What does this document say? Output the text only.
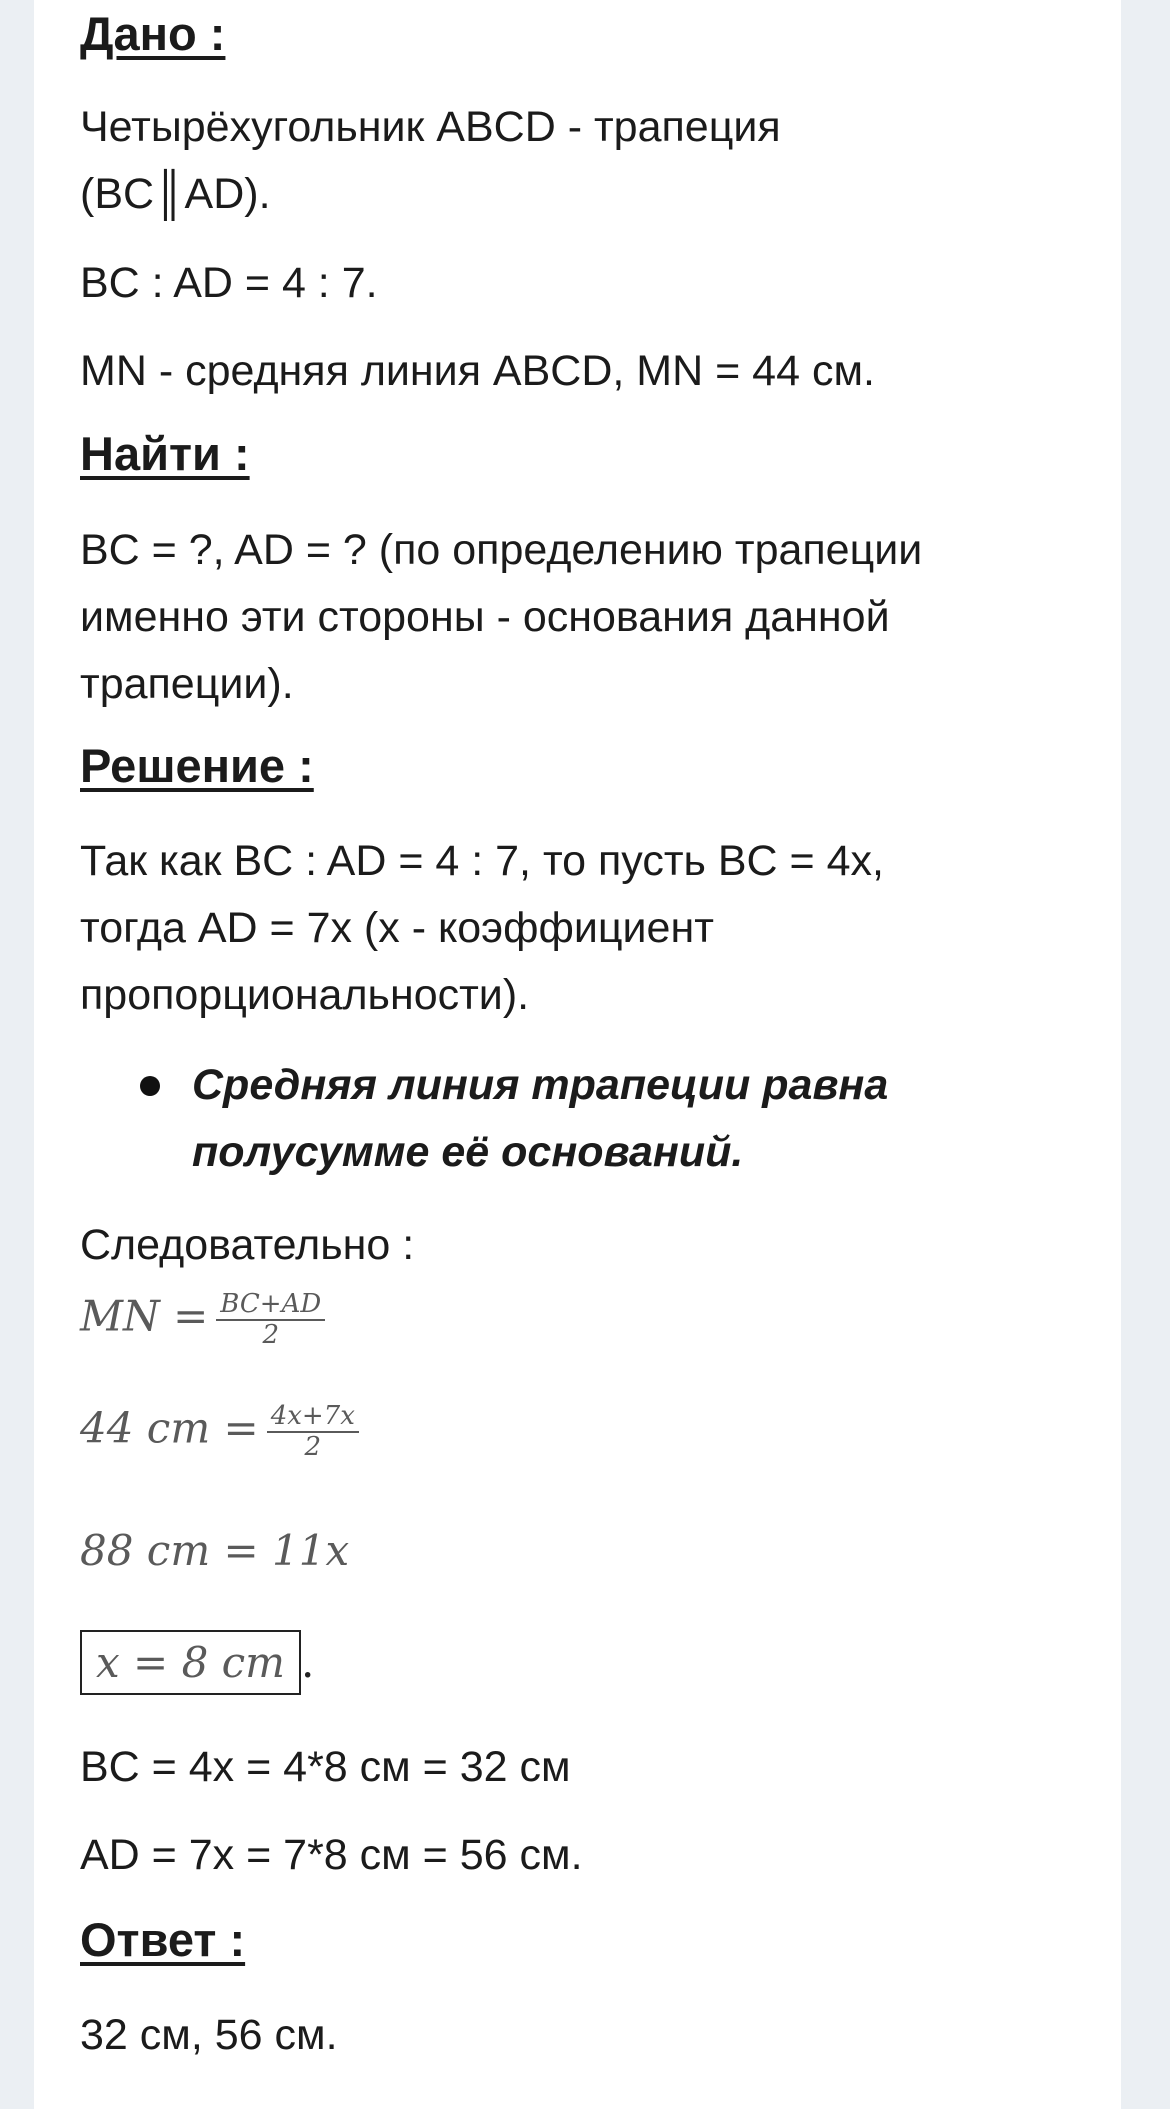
Дано :
Четырёхугольник ABCD - трапеция
(BC║AD).
BC : AD = 4 : 7.
MN - средняя линия ABCD, MN = 44 см.
Найти :
BC = ?, AD = ? (по определению трапеции
именно эти стороны - основания данной
трапеции).
Решение :
Так как BC : AD = 4 : 7, то пусть BC = 4x,
тогда AD = 7x (x - коэффициент
пропорциональности).
Средняя линия трапеции равна
полусумме её оснований.
Следовательно :
MN = $\frac{BC+AD}{2}$
44 cm = $\frac{4x+7x}{2}$
88 cm = 11x
x = 8 cm .
BC = 4x = 4*8 см = 32 см
AD = 7x = 7*8 см = 56 см.
Ответ :
32 см, 56 см.
